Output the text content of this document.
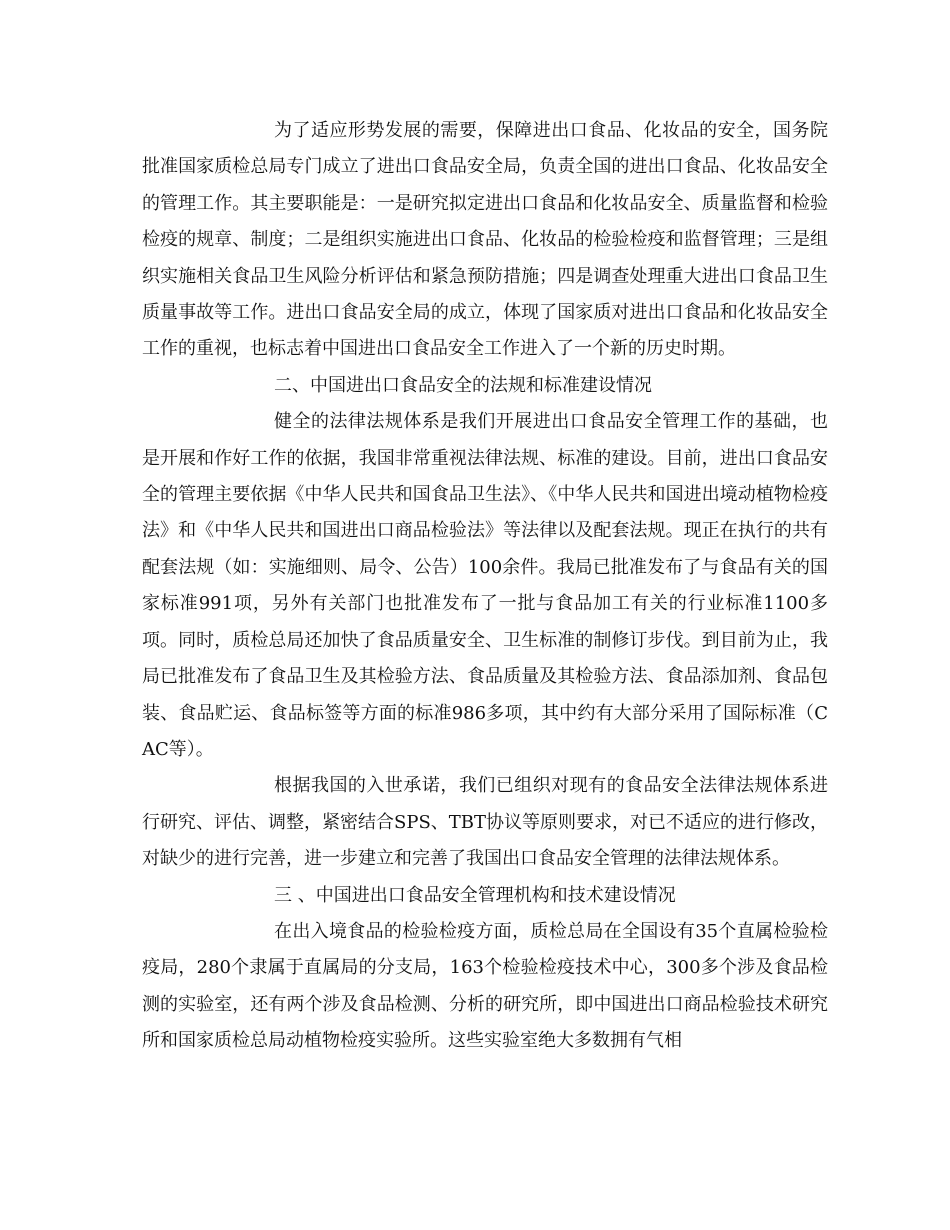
为了适应形势发展的需要，保障进出口食品、化妆品的安全，国务院批准国家质检总局专门成立了进出口食品安全局，负责全国的进出口食品、化妆品安全的管理工作。其主要职能是：一是研究拟定进出口食品和化妆品安全、质量监督和检验检疫的规章、制度；二是组织实施进出口食品、化妆品的检验检疫和监督管理；三是组织实施相关食品卫生风险分析评估和紧急预防措施；四是调查处理重大进出口食品卫生质量事故等工作。进出口食品安全局的成立，体现了国家质对进出口食品和化妆品安全工作的重视，也标志着中国进出口食品安全工作进入了一个新的历史时期。

二、中国进出口食品安全的法规和标准建设情况

健全的法律法规体系是我们开展进出口食品安全管理工作的基础，也是开展和作好工作的依据，我国非常重视法律法规、标准的建设。目前，进出口食品安全的管理主要依据《中华人民共和国食品卫生法》、《中华人民共和国进出境动植物检疫法》和《中华人民共和国进出口商品检验法》等法律以及配套法规。现正在执行的共有配套法规（如：实施细则、局令、公告）100余件。我局已批准发布了与食品有关的国家标准991项，另外有关部门也批准发布了一批与食品加工有关的行业标准1100多项。同时，质检总局还加快了食品质量安全、卫生标准的制修订步伐。到目前为止，我局已批准发布了食品卫生及其检验方法、食品质量及其检验方法、食品添加剂、食品包装、食品贮运、食品标签等方面的标准986多项，其中约有大部分采用了国际标准（CAC等）。

根据我国的入世承诺，我们已组织对现有的食品安全法律法规体系进行研究、评估、调整，紧密结合SPS、TBT协议等原则要求，对已不适应的进行修改，对缺少的进行完善，进一步建立和完善了我国出口食品安全管理的法律法规体系。

三 、中国进出口食品安全管理机构和技术建设情况

在出入境食品的检验检疫方面，质检总局在全国设有35个直属检验检疫局，280个隶属于直属局的分支局，163个检验检疫技术中心，300多个涉及食品检测的实验室，还有两个涉及食品检测、分析的研究所，即中国进出口商品检验技术研究所和国家质检总局动植物检疫实验所。这些实验室绝大多数拥有气相
